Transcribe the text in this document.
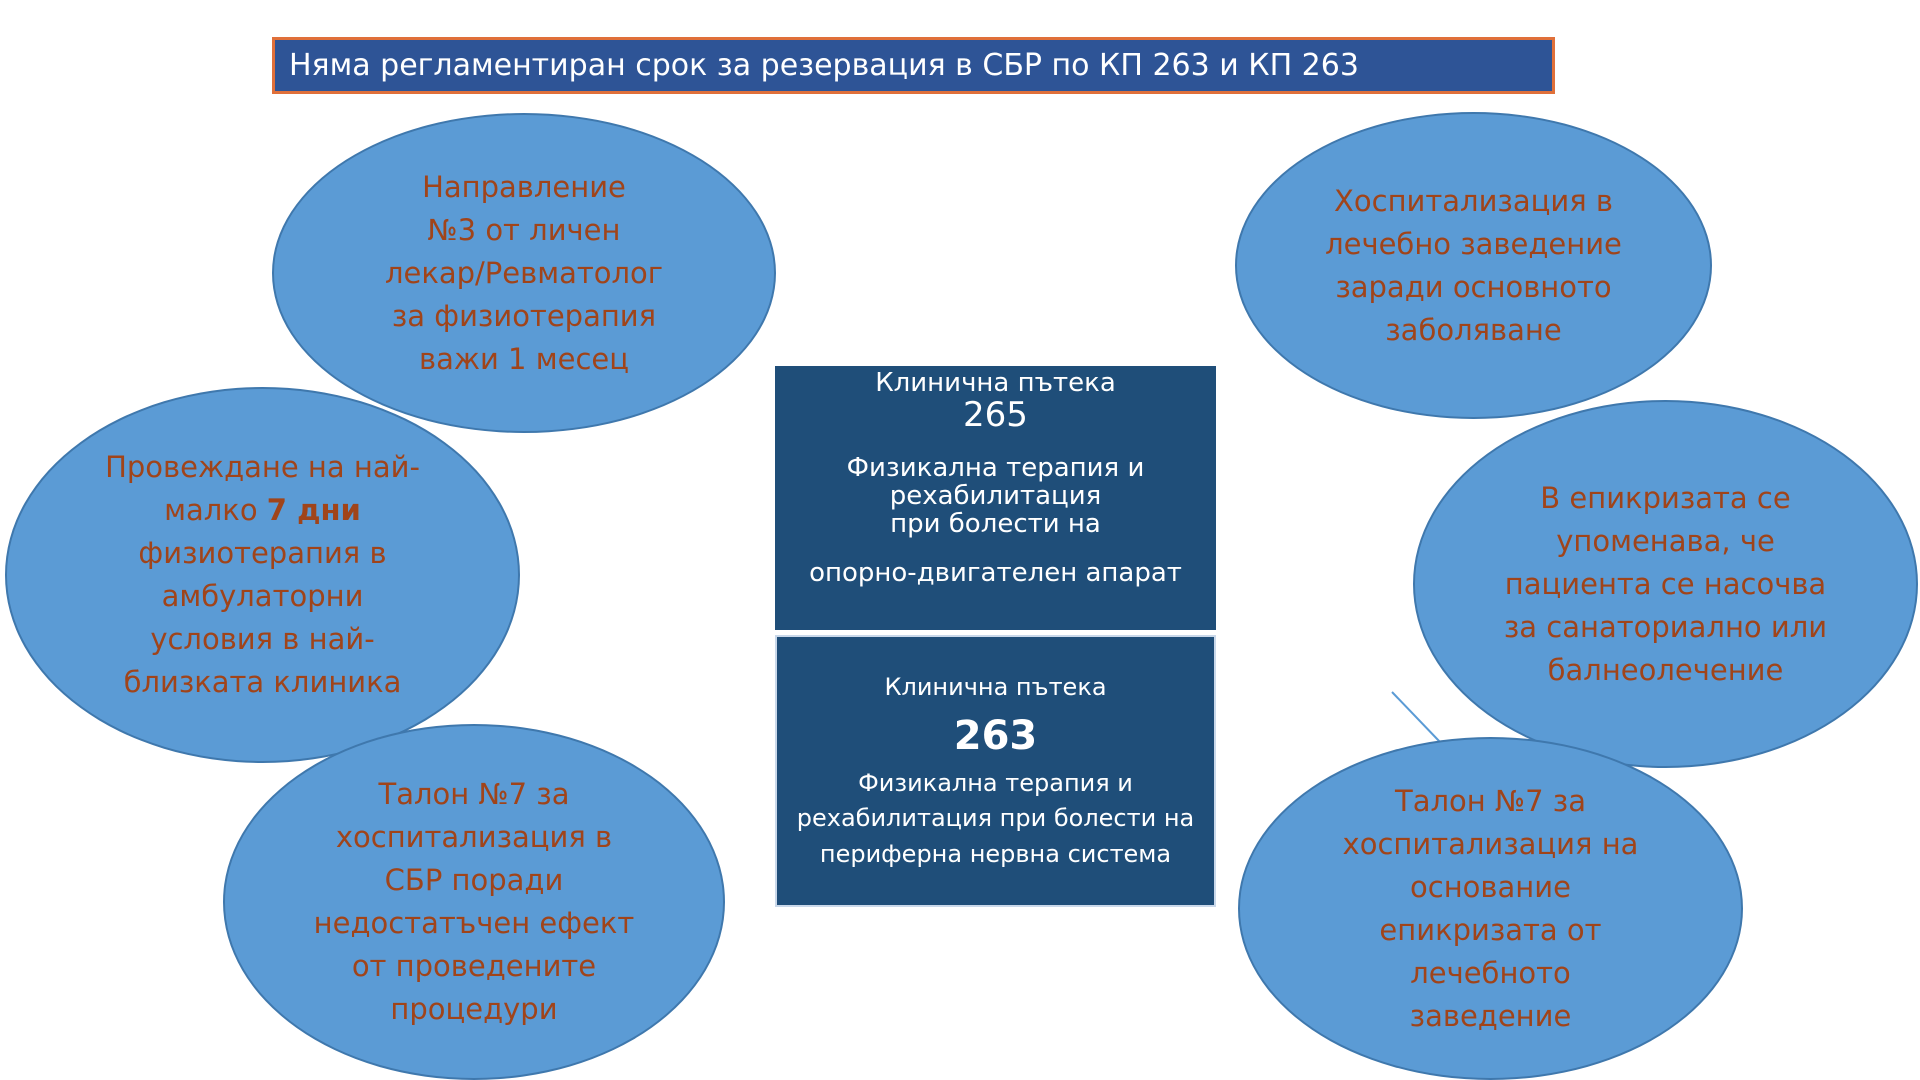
Няма регламентиран срок за резервация в СБР по КП 263 и КП 263
Направление
№3 от личен
лекар/Ревматолог
за физиотерапия
важи 1 месец
Провеждане на най-
малко 7 дни
физиотерапия в
амбулаторни
условия в най-
близката клиника
Талон №7 за
хоспитализация в
СБР поради
недостатъчен ефект
от проведените
процедури
Хоспитализация в
лечебно заведение
заради основното
заболяване
В епикризата се
упоменава, че
пациента се насочва
за санаториално или
балнеолечение
Талон №7 за
хоспитализация на
основание
епикризата от
лечебното
заведение
Клинична пътека
265
Физикална терапия и
рехабилитация
при болести на
опорно-двигателен апарат
Клинична пътека
263
Физикална терапия и
рехабилитация при болести на
периферна нервна система
